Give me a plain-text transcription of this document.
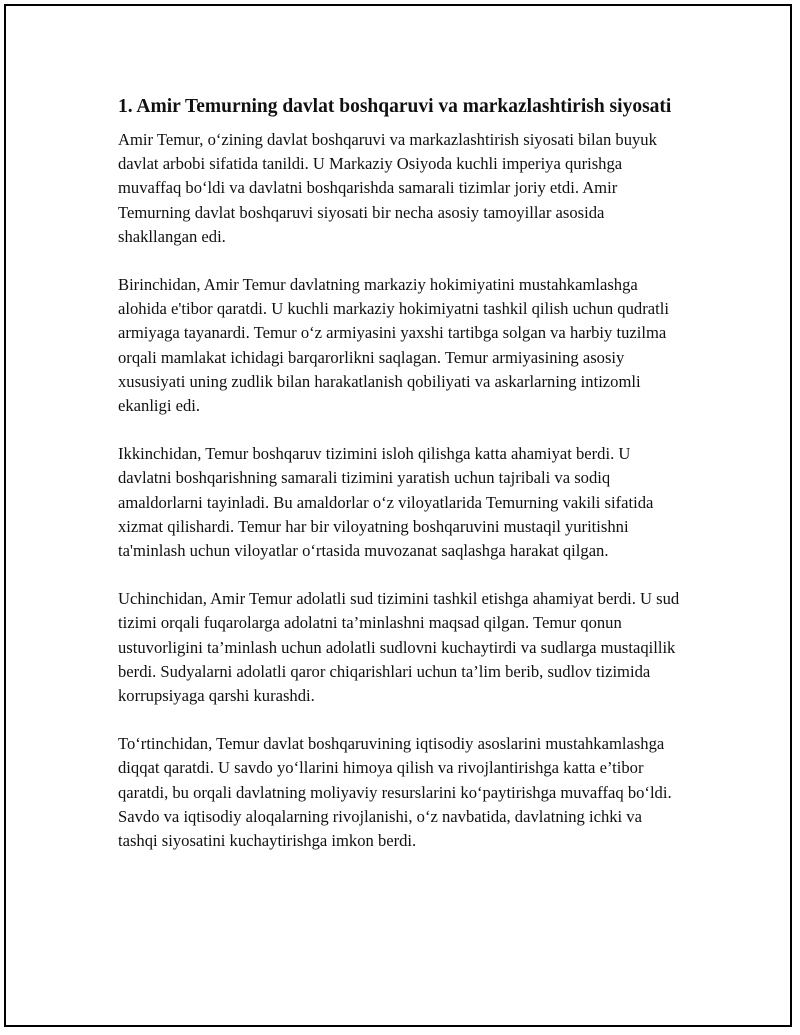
1. Amir Temurning davlat boshqaruvi va markazlashtirish siyosati

Amir Temur, o‘zining davlat boshqaruvi va markazlashtirish siyosati bilan buyuk davlat arbobi sifatida tanildi. U Markaziy Osiyoda kuchli imperiya qurishga muvaffaq bo‘ldi va davlatni boshqarishda samarali tizimlar joriy etdi. Amir Temurning davlat boshqaruvi siyosati bir necha asosiy tamoyillar asosida shakllangan edi.

Birinchidan, Amir Temur davlatning markaziy hokimiyatini mustahkamlashga alohida e'tibor qaratdi. U kuchli markaziy hokimiyatni tashkil qilish uchun qudratli armiyaga tayanardi. Temur o‘z armiyasini yaxshi tartibga solgan va harbiy tuzilma orqali mamlakat ichidagi barqarorlikni saqlagan. Temur armiyasining asosiy xususiyati uning zudlik bilan harakatlanish qobiliyati va askarlarning intizomli ekanligi edi.

Ikkinchidan, Temur boshqaruv tizimini isloh qilishga katta ahamiyat berdi. U davlatni boshqarishning samarali tizimini yaratish uchun tajribali va sodiq amaldorlarni tayinladi. Bu amaldorlar o‘z viloyatlarida Temurning vakili sifatida xizmat qilishardi. Temur har bir viloyatning boshqaruvini mustaqil yuritishni ta'minlash uchun viloyatlar o‘rtasida muvozanat saqlashga harakat qilgan.

Uchinchidan, Amir Temur adolatli sud tizimini tashkil etishga ahamiyat berdi. U sud tizimi orqali fuqarolarga adolatni ta’minlashni maqsad qilgan. Temur qonun ustuvorligini ta’minlash uchun adolatli sudlovni kuchaytirdi va sudlarga mustaqillik berdi. Sudyalarni adolatli qaror chiqarishlari uchun ta’lim berib, sudlov tizimida korrupsiyaga qarshi kurashdi.

To‘rtinchidan, Temur davlat boshqaruvining iqtisodiy asoslarini mustahkamlashga diqqat qaratdi. U savdo yo‘llarini himoya qilish va rivojlantirishga katta e’tibor qaratdi, bu orqali davlatning moliyaviy resurslarini ko‘paytirishga muvaffaq bo‘ldi. Savdo va iqtisodiy aloqalarning rivojlanishi, o‘z navbatida, davlatning ichki va tashqi siyosatini kuchaytirishga imkon berdi.
